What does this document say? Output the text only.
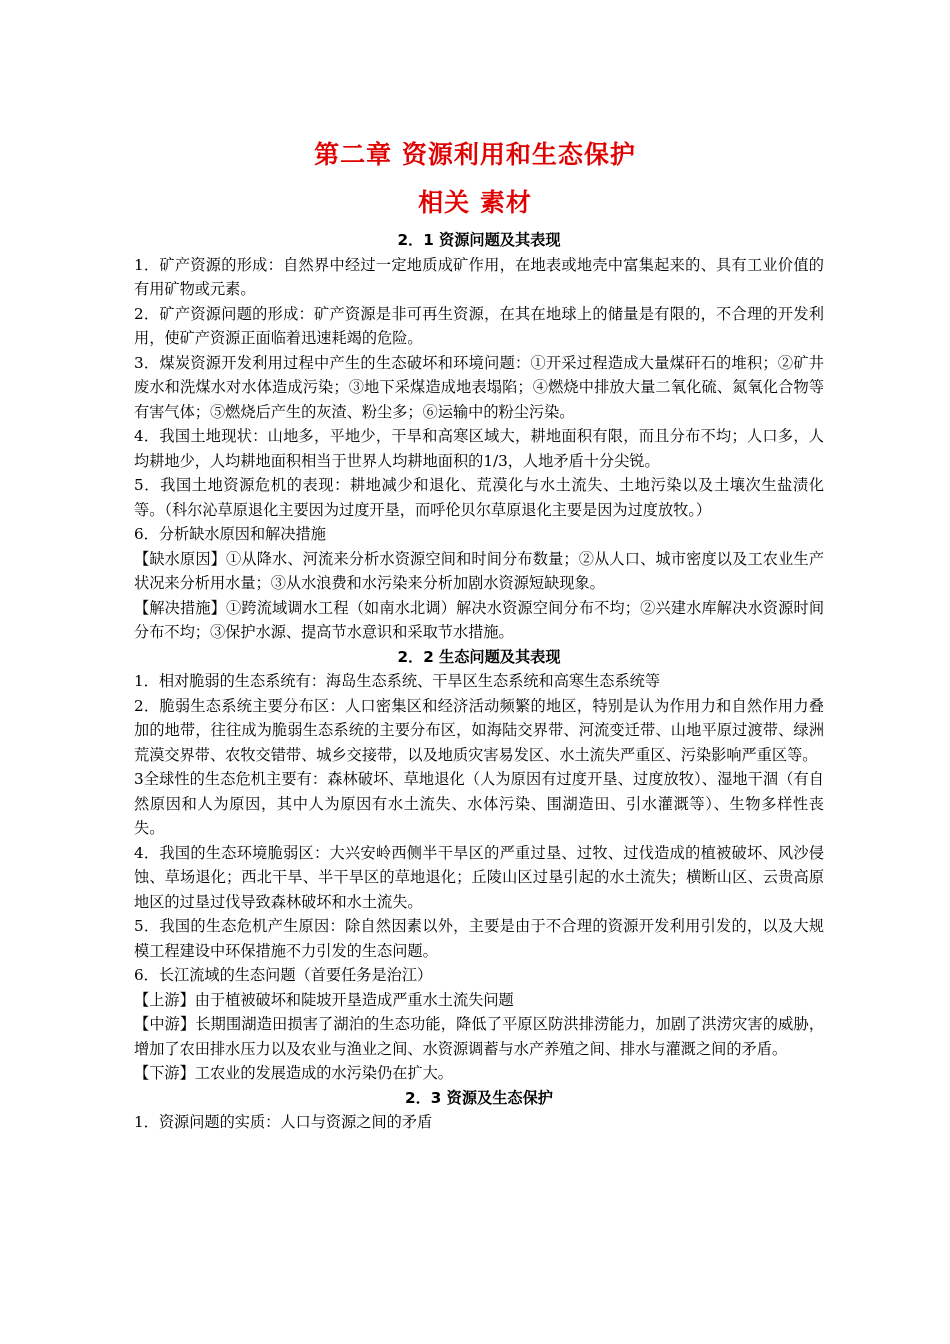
第二章 资源利用和生态保护
相关 素材
2．1 资源问题及其表现

1．矿产资源的形成：自然界中经过一定地质成矿作用，在地表或地壳中富集起来的、具有工业价值的有用矿物或元素。

2．矿产资源问题的形成：矿产资源是非可再生资源，在其在地球上的储量是有限的，不合理的开发利用，使矿产资源正面临着迅速耗竭的危险。

3．煤炭资源开发利用过程中产生的生态破坏和环境问题：①开采过程造成大量煤矸石的堆积；②矿井废水和洗煤水对水体造成污染；③地下采煤造成地表塌陷；④燃烧中排放大量二氧化硫、氮氧化合物等有害气体；⑤燃烧后产生的灰渣、粉尘多；⑥运输中的粉尘污染。

4．我国土地现状：山地多，平地少，干旱和高寒区域大，耕地面积有限，而且分布不均；人口多，人均耕地少，人均耕地面积相当于世界人均耕地面积的1/3，人地矛盾十分尖锐。

5．我国土地资源危机的表现：耕地减少和退化、荒漠化与水土流失、土地污染以及土壤次生盐渍化等。（科尔沁草原退化主要因为过度开垦，而呼伦贝尔草原退化主要是因为过度放牧。）

6．分析缺水原因和解决措施

【缺水原因】①从降水、河流来分析水资源空间和时间分布数量；②从人口、城市密度以及工农业生产状况来分析用水量；③从水浪费和水污染来分析加剧水资源短缺现象。

【解决措施】①跨流域调水工程（如南水北调）解决水资源空间分布不均；②兴建水库解决水资源时间分布不均；③保护水源、提高节水意识和采取节水措施。

2．2 生态问题及其表现

1．相对脆弱的生态系统有：海岛生态系统、干旱区生态系统和高寒生态系统等

2．脆弱生态系统主要分布区：人口密集区和经济活动频繁的地区，特别是认为作用力和自然作用力叠加的地带，往往成为脆弱生态系统的主要分布区，如海陆交界带、河流变迁带、山地平原过渡带、绿洲荒漠交界带、农牧交错带、城乡交接带，以及地质灾害易发区、水土流失严重区、污染影响严重区等。

3全球性的生态危机主要有：森林破坏、草地退化（人为原因有过度开垦、过度放牧）、湿地干涸（有自然原因和人为原因，其中人为原因有水土流失、水体污染、围湖造田、引水灌溉等）、生物多样性丧失。

4．我国的生态环境脆弱区：大兴安岭西侧半干旱区的严重过垦、过牧、过伐造成的植被破坏、风沙侵蚀、草场退化；西北干旱、半干旱区的草地退化；丘陵山区过垦引起的水土流失；横断山区、云贵高原地区的过垦过伐导致森林破坏和水土流失。

5．我国的生态危机产生原因：除自然因素以外，主要是由于不合理的资源开发利用引发的，以及大规模工程建设中环保措施不力引发的生态问题。

6．长江流域的生态问题（首要任务是治江）

【上游】由于植被破坏和陡坡开垦造成严重水土流失问题

【中游】长期围湖造田损害了湖泊的生态功能，降低了平原区防洪排涝能力，加剧了洪涝灾害的威胁，增加了农田排水压力以及农业与渔业之间、水资源调蓄与水产养殖之间、排水与灌溉之间的矛盾。

【下游】工农业的发展造成的水污染仍在扩大。

2．3 资源及生态保护

1．资源问题的实质：人口与资源之间的矛盾
